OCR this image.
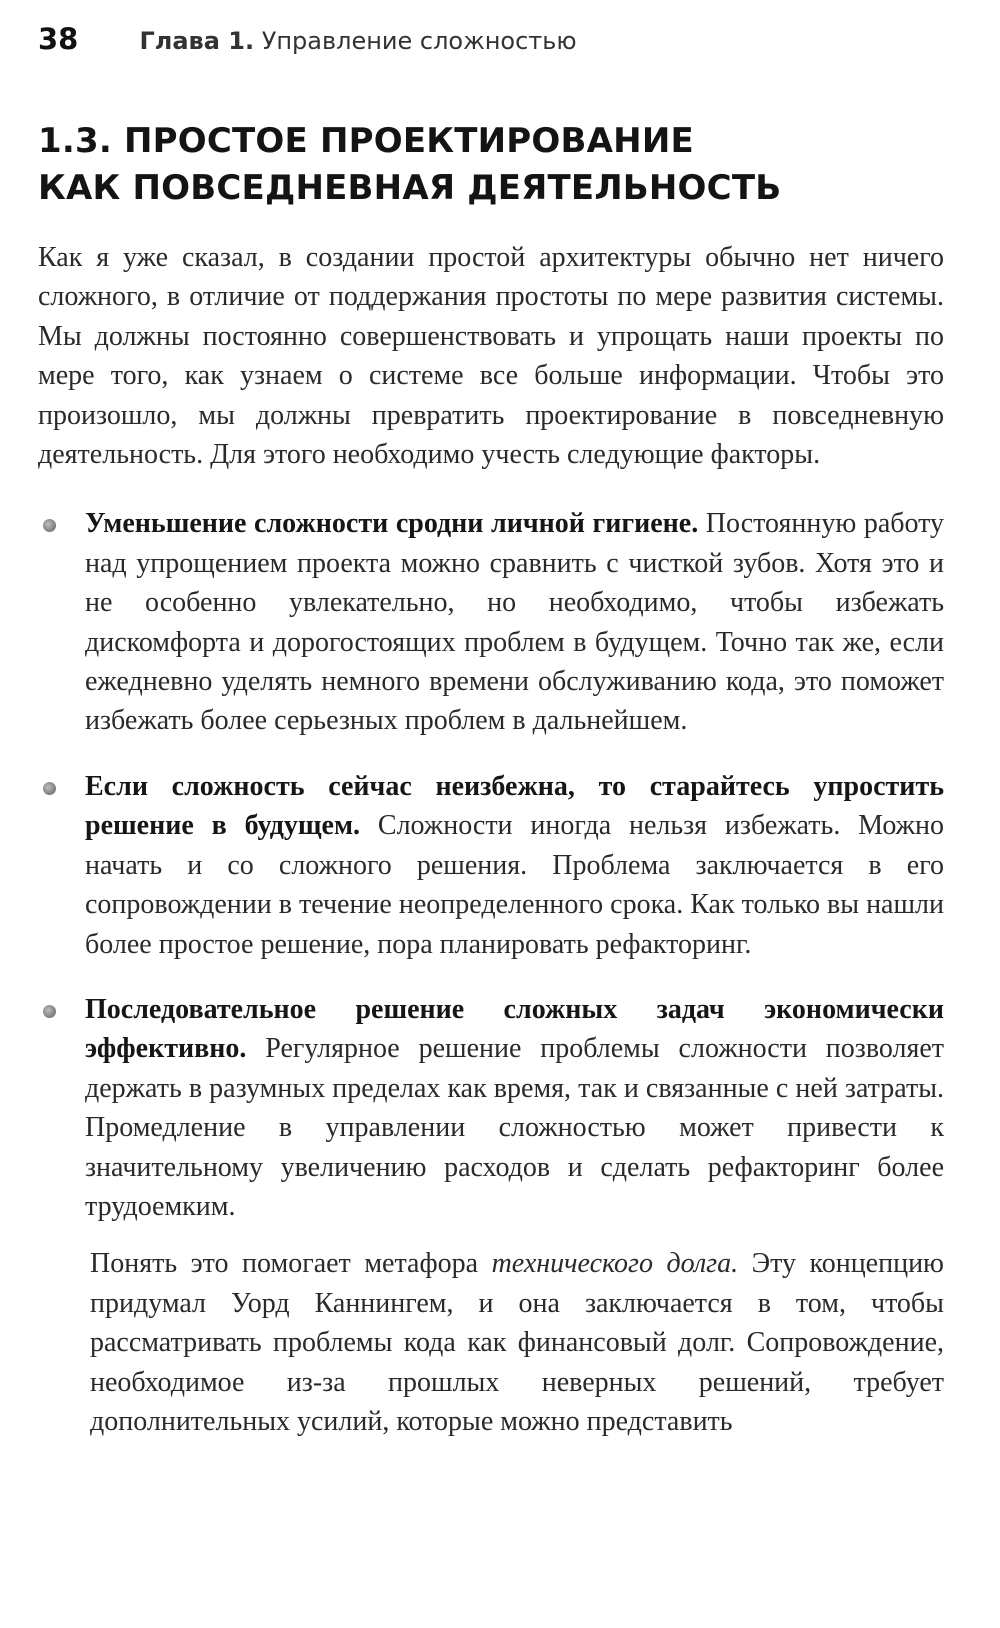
38	Глава 1. Управление сложностью
1.3. ПРОСТОЕ ПРОЕКТИРОВАНИЕ
КАК ПОВСЕДНЕВНАЯ ДЕЯТЕЛЬНОСТЬ

Как я уже сказал, в создании простой архитектуры обычно нет ничего сложного, в отличие от поддержания простоты по мере развития системы. Мы должны постоянно совершенствовать и упрощать наши проекты по мере того, как узнаем о системе все больше информации. Чтобы это произошло, мы должны превратить проектирование в повседневную деятельность. Для этого необходимо учесть следующие факторы.

Уменьшение сложности сродни личной гигиене. Постоянную работу над упрощением проекта можно сравнить с чисткой зубов. Хотя это и не особенно увлекательно, но необходимо, чтобы избежать дискомфорта и дорогостоящих проблем в будущем. Точно так же, если ежедневно уделять немного времени обслуживанию кода, это поможет избежать более серьезных проблем в дальнейшем.
Если сложность сейчас неизбежна, то старайтесь упростить решение в будущем. Сложности иногда нельзя избежать. Можно начать и со сложного решения. Проблема заключается в его сопровождении в течение неопределенного срока. Как только вы нашли более простое решение, пора планировать рефакторинг.
Последовательное решение сложных задач экономически эффективно. Регулярное решение проблемы сложности позволяет держать в разумных пределах как время, так и связанные с ней затраты. Промедление в управлении сложностью может привести к значительному увеличению расходов и сделать рефакторинг более трудоемким.

Понять это помогает метафора технического долга. Эту концепцию придумал Уорд Каннингем, и она заключается в том, чтобы рассматривать проблемы кода как финансовый долг. Сопровождение, необходимое из-за прошлых неверных решений, требует дополнительных усилий, которые можно представить
